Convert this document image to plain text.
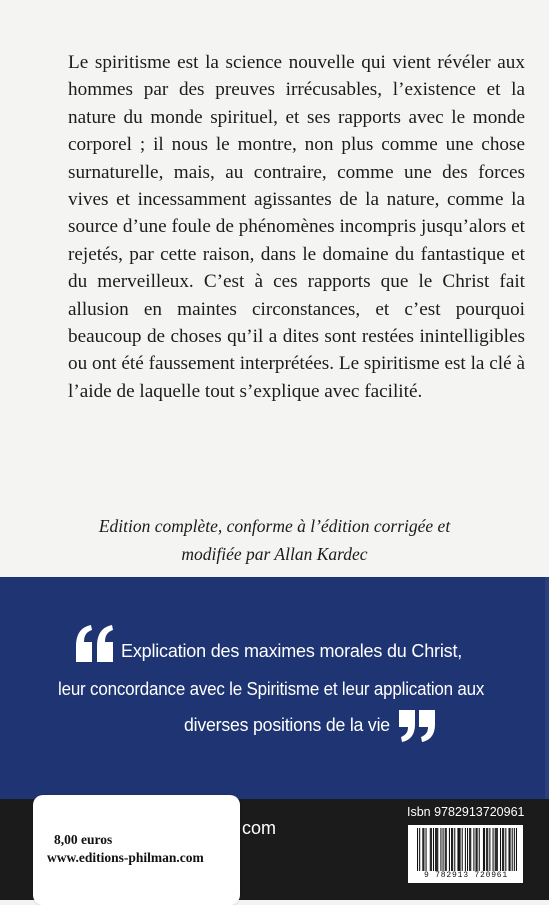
Le spiritisme est la science nouvelle qui vient révéler aux hommes par des preuves irrécusables, l’existence et la nature du monde spirituel, et ses rapports avec le monde corporel ; il nous le montre, non plus comme une chose surnaturelle, mais, au contraire, comme une des forces vives et incessamment agissantes de la nature, comme la source d’une foule de phénomènes incompris jusqu’alors et rejetés, par cette raison, dans le domaine du fantastique et du merveilleux. C’est à ces rapports que le Christ fait allusion en maintes circonstances, et c’est pourquoi beaucoup de choses qu’il a dites sont restées inintelligibles ou ont été faussement interprétées. Le spiritisme est la clé à l’aide de laquelle tout s’explique avec facilité.

Edition complète, conforme à l’édition corrigée et
modifiée par Allan Kardec

Explication des maximes morales du Christ,

leur concordance avec le Spiritisme et leur application aux

diverses positions de la vie

com

8,00 euros

www.editions-philman.com

Isbn 9782913720961

9 782913 720961
